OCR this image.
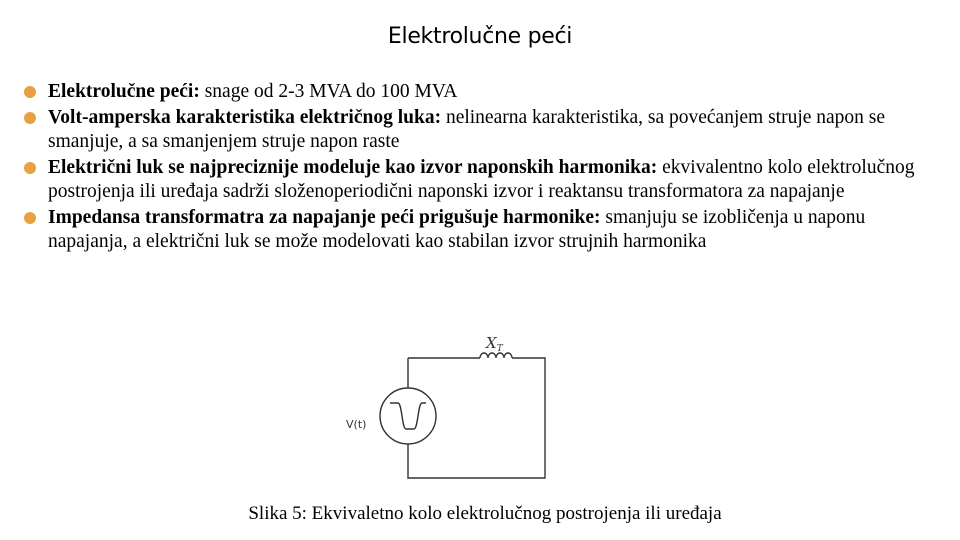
Elektrolučne peći
Elektrolučne peći: snage od 2-3 MVA do 100 MVA
Volt-amperska karakteristika električnog luka: nelinearna karakteristika, sa povećanjem struje napon se smanjuje, a sa smanjenjem struje napon raste
Električni luk se najpreciznije modeluje kao izvor naponskih harmonika: ekvivalentno kolo elektrolučnog postrojenja ili uređaja sadrži složenoperiodični naponski izvor i reaktansu transformatora za napajanje
Impedansa transformatra za napajanje peći prigušuje harmonike: smanjuju se izobličenja u naponu napajanja, a električni luk se može modelovati kao stabilan izvor strujnih harmonika
$X_T$
V(t)
Slika 5: Ekvivaletno kolo elektrolučnog postrojenja ili uređaja
